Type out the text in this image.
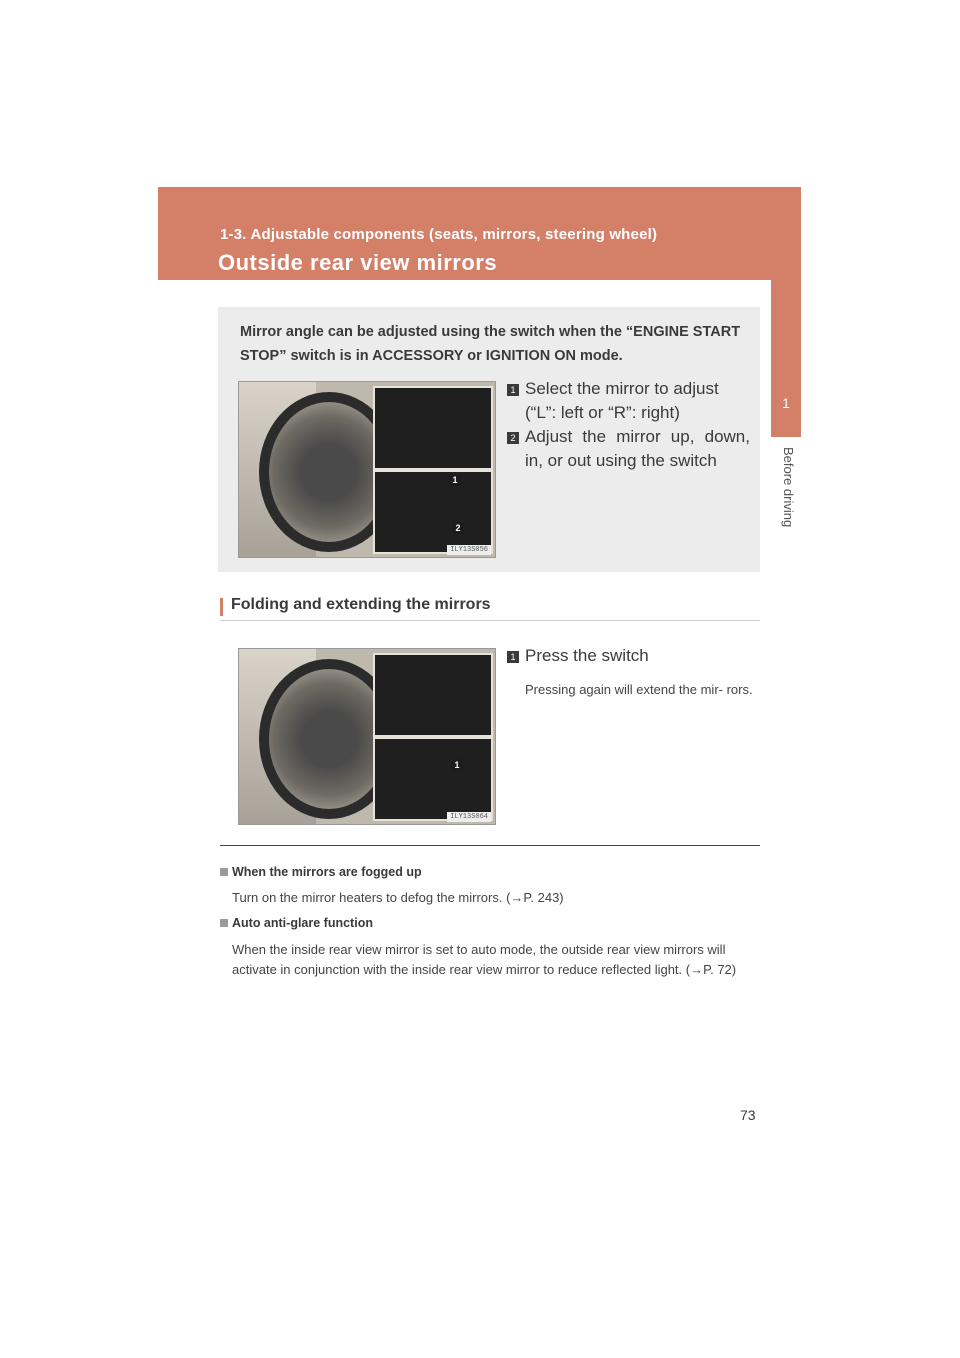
1-3. Adjustable components (seats, mirrors, steering wheel)
Outside rear view mirrors
1
Before driving
Mirror angle can be adjusted using the switch when the “ENGINE START STOP” switch is in ACCESSORY or IGNITION ON mode.
1
2
ILY13S056
1 Select the mirror to adjust (“L”: left or “R”: right)
2 Adjust the mirror up, down, in, or out using the switch
Folding and extending the mirrors
1
ILY13S064
1 Press the switch
Pressing again will extend the mir- rors.
When the mirrors are fogged up
Turn on the mirror heaters to defog the mirrors. (→P. 243)
Auto anti-glare function
When the inside rear view mirror is set to auto mode, the outside rear view mirrors will activate in conjunction with the inside rear view mirror to reduce reflected light. (→P. 72)
73
